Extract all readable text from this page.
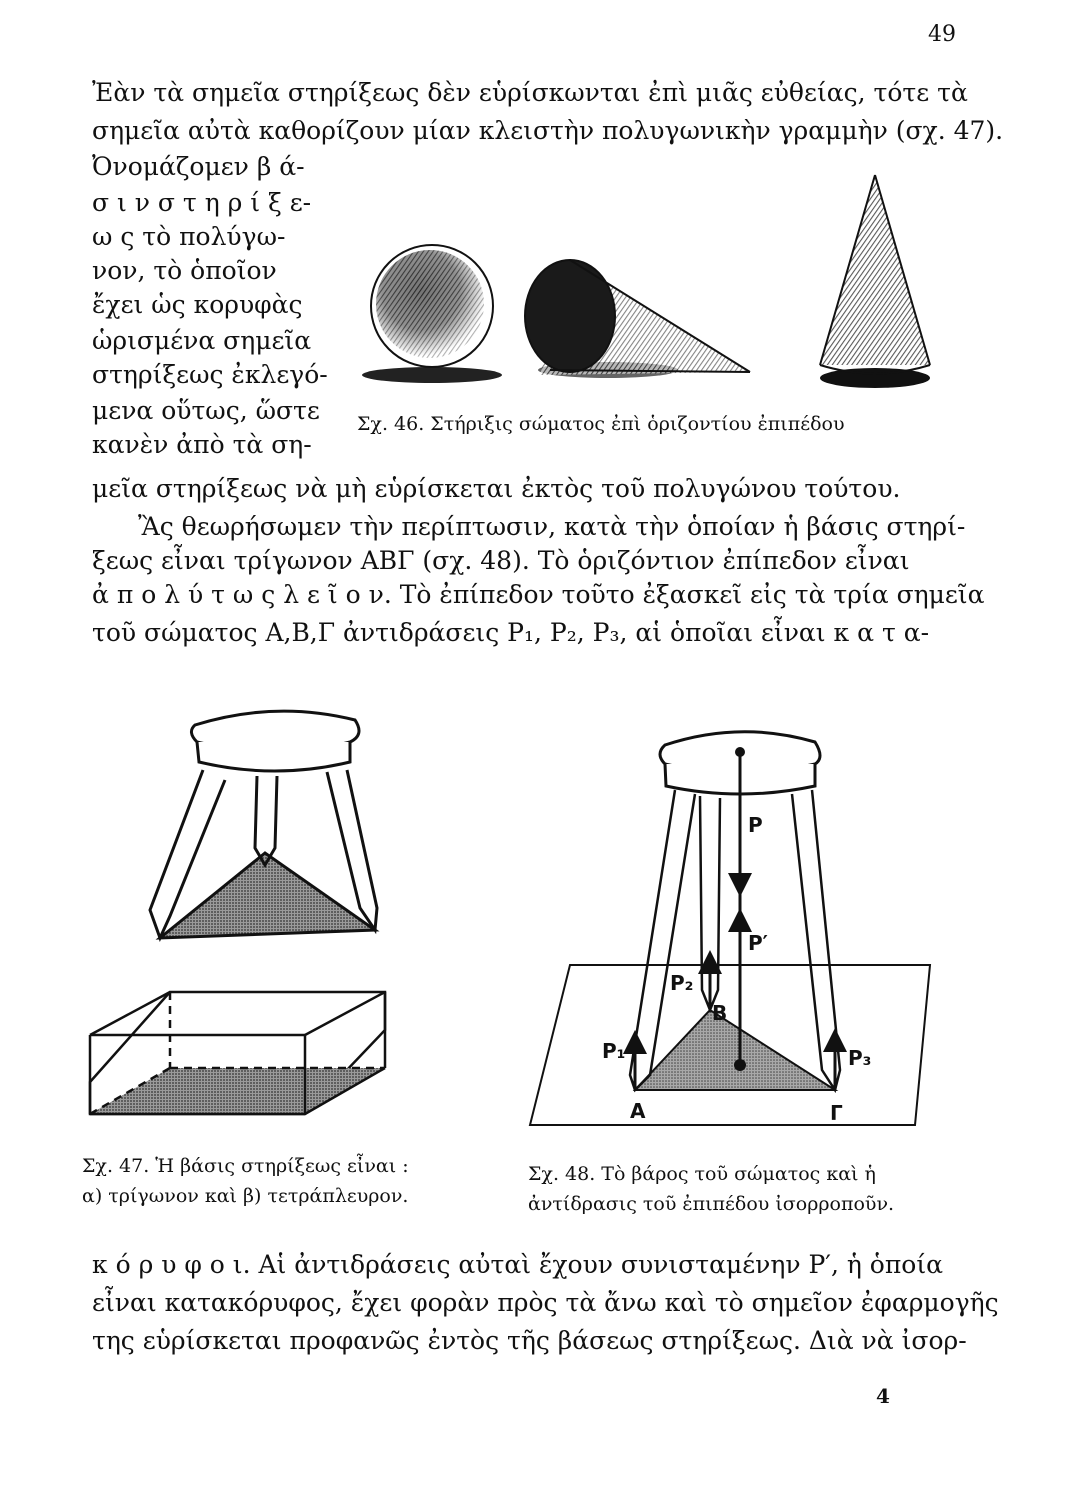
49
Ἐὰν τὰ σημεῖα στηρίξεως δὲν εὑρίσκωνται ἐπὶ μιᾶς εὐθείας, τότε τὰ
σημεῖα αὐτὰ καθορίζουν μίαν κλειστὴν πολυγωνικὴν γραμμὴν (σχ. 47).
Ὀνομάζομεν β ά-
σ ι ν σ τ η ρ ί ξ ε-
ω ς τὸ πολύγω-
νον, τὸ ὁποῖον
ἔχει ὡς κορυφὰς
ὡρισμένα σημεῖα
στηρίξεως ἐκλεγό-
μενα οὕτως, ὥστε
κανὲν ἀπὸ τὰ ση-
μεῖα στηρίξεως νὰ μὴ εὑρίσκεται ἐκτὸς τοῦ πολυγώνου τούτου.
Σχ. 46. Στήριξις σώματος ἐπὶ ὁριζοντίου ἐπιπέδου
Ἂς θεωρήσωμεν τὴν περίπτωσιν, κατὰ τὴν ὁποίαν ἡ βάσις στηρί-
ξεως εἶναι τρίγωνον ΑΒΓ (σχ. 48). Τὸ ὁριζόντιον ἐπίπεδον εἶναι
ἀ π ο λ ύ τ ω ς λ ε ῖ ο ν. Τὸ ἐπίπεδον τοῦτο ἐξασκεῖ εἰς τὰ τρία σημεῖα
τοῦ σώματος Α,Β,Γ ἀντιδράσεις P₁, P₂, P₃, αἱ ὁποῖαι εἶναι κ α τ α-
Σχ. 47. Ἡ βάσις στηρίξεως εἶναι :
α) τρίγωνον καὶ β) τετράπλευρον.
P
P′
P₁
P₂
P₃
A
B
Γ
Σχ. 48. Τὸ βάρος τοῦ σώματος καὶ ἡ
ἀντίδρασις τοῦ ἐπιπέδου ἰσορροποῦν.
κ ό ρ υ φ ο ι. Αἱ ἀντιδράσεις αὐταὶ ἔχουν συνισταμένην P′, ἡ ὁποία
εἶναι κατακόρυφος, ἔχει φορὰν πρὸς τὰ ἄνω καὶ τὸ σημεῖον ἐφαρμογῆς
της εὑρίσκεται προφανῶς ἐντὸς τῆς βάσεως στηρίξεως. Διὰ νὰ ἰσορ-
4
